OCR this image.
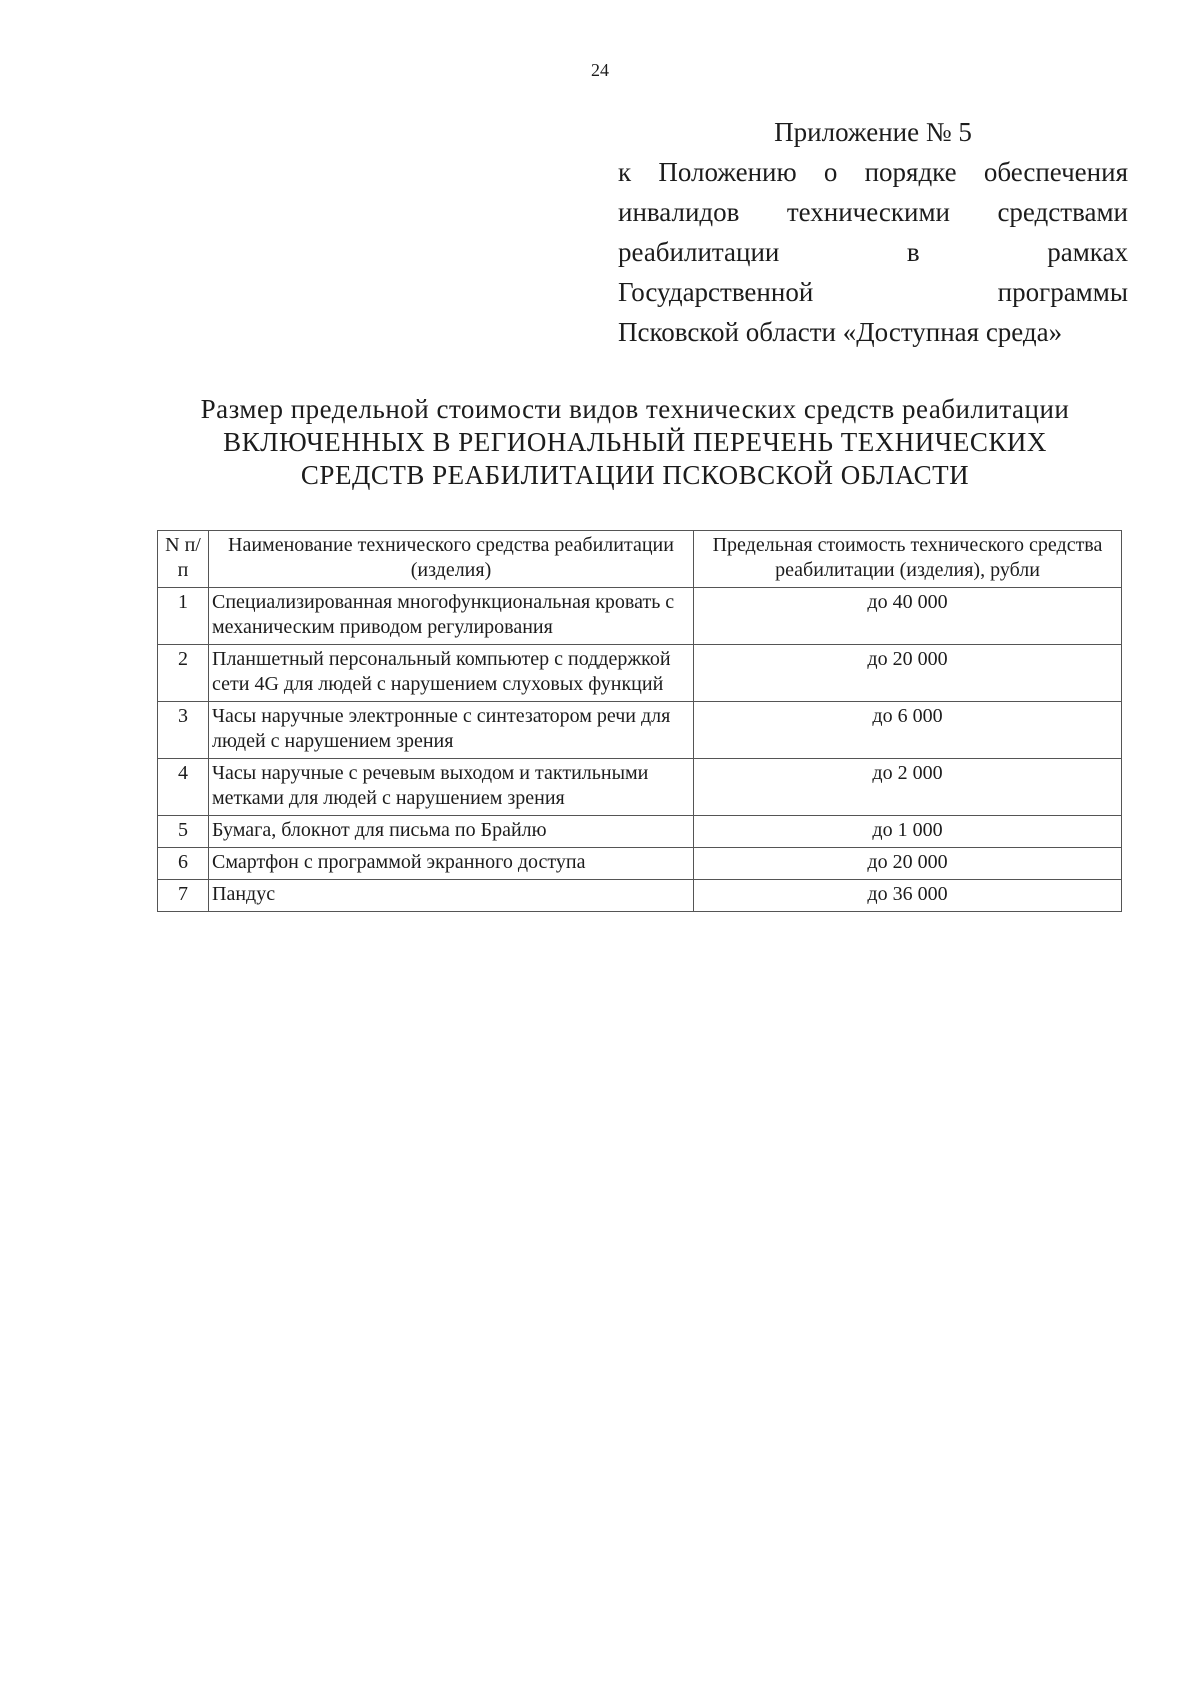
24
Приложение № 5
к Положению о порядке обеспечения
инвалидов техническими средствами
реабилитации в рамках
Государственной программы
Псковской области «Доступная среда»
Размер предельной стоимости видов технических средств реабилитации
ВКЛЮЧЕННЫХ В РЕГИОНАЛЬНЫЙ ПЕРЕЧЕНЬ ТЕХНИЧЕСКИХ
СРЕДСТВ РЕАБИЛИТАЦИИ ПСКОВСКОЙ ОБЛАСТИ
N п/п	Наименование технического средства реабилитации (изделия)	Предельная стоимость технического средства реабилитации (изделия), рубли
1	Специализированная многофункциональная кровать с механическим приводом регулирования	до 40 000
2	Планшетный персональный компьютер с поддержкой сети 4G для людей с нарушением слуховых функций	до 20 000
3	Часы наручные электронные с синтезатором речи для людей с нарушением зрения	до 6 000
4	Часы наручные с речевым выходом и тактильными метками для людей с нарушением зрения	до 2 000
5	Бумага, блокнот для письма по Брайлю	до 1 000
6	Смартфон с программой экранного доступа	до 20 000
7	Пандус	до 36 000
